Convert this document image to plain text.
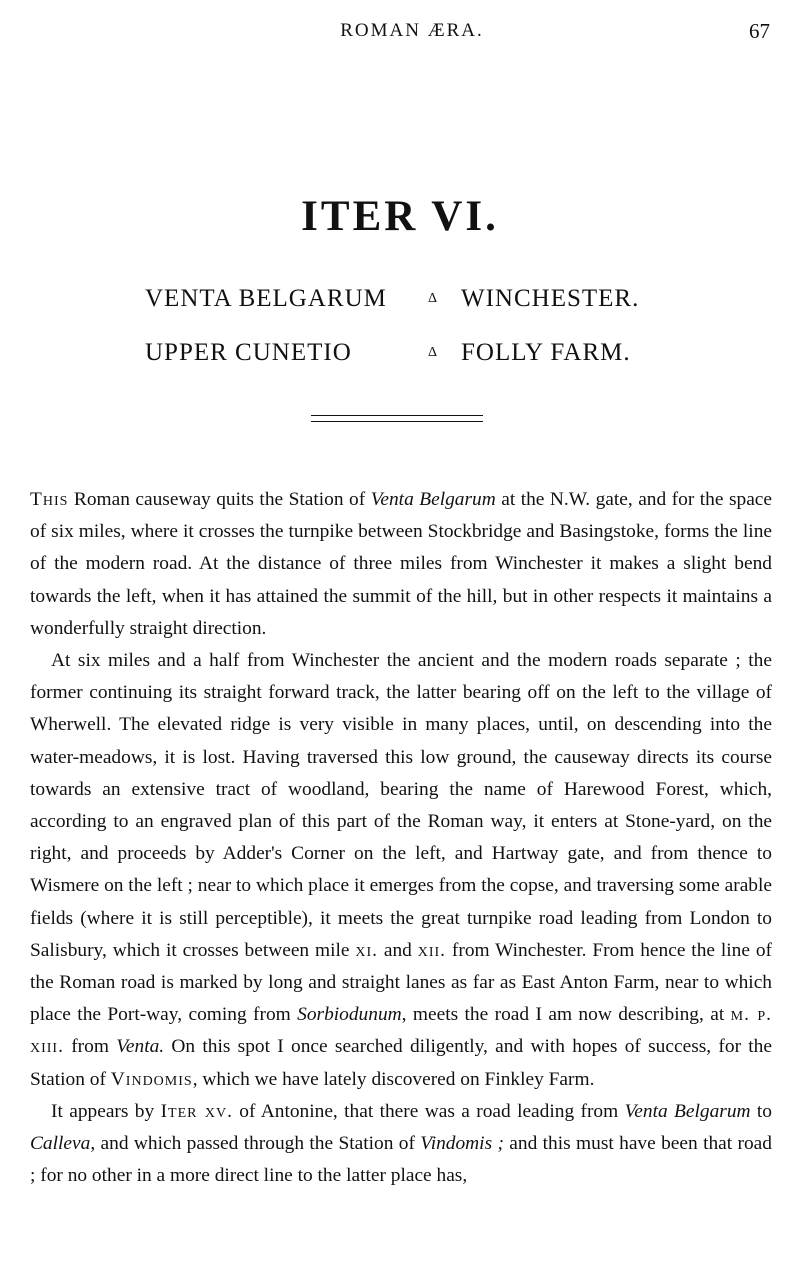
ROMAN ÆRA.	67
ITER VI.
VENTA BELGARUM	Δ WINCHESTER.
UPPER CUNETIO	Δ FOLLY FARM.

This Roman causeway quits the Station of Venta Belgarum at the N.W. gate, and for the space of six miles, where it crosses the turnpike between Stockbridge and Basingstoke, forms the line of the modern road. At the distance of three miles from Winchester it makes a slight bend towards the left, when it has attained the summit of the hill, but in other respects it maintains a wonderfully straight direction.

At six miles and a half from Winchester the ancient and the modern roads separate ; the former continuing its straight forward track, the latter bearing off on the left to the village of Wherwell. The elevated ridge is very visible in many places, until, on descending into the water-meadows, it is lost. Having traversed this low ground, the causeway directs its course towards an extensive tract of woodland, bearing the name of Harewood Forest, which, according to an engraved plan of this part of the Roman way, it enters at Stone-yard, on the right, and proceeds by Adder's Corner on the left, and Hartway gate, and from thence to Wismere on the left ; near to which place it emerges from the copse, and traversing some arable fields (where it is still perceptible), it meets the great turnpike road leading from London to Salisbury, which it crosses between mile xi. and xii. from Winchester. From hence the line of the Roman road is marked by long and straight lanes as far as East Anton Farm, near to which place the Port-way, coming from Sorbiodunum, meets the road I am now describing, at m. p. xiii. from Venta. On this spot I once searched diligently, and with hopes of success, for the Station of Vindomis, which we have lately discovered on Finkley Farm.

It appears by Iter xv. of Antonine, that there was a road leading from Venta Belgarum to Calleva, and which passed through the Station of Vindomis ; and this must have been that road ; for no other in a more direct line to the latter place has,
